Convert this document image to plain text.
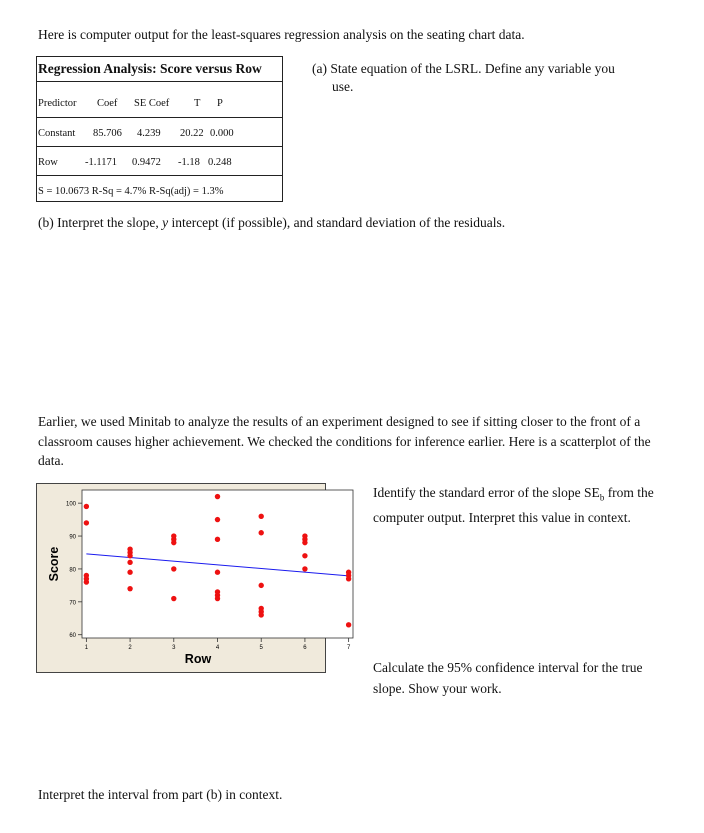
Here is computer output for the least-squares regression analysis on the seating chart data.
Regression Analysis: Score versus Row
Predictor Coef SE Coef T P
Constant 85.706 4.239 20.22 0.000
Row	-1.1171 0.9472 -1.18 0.248
S = 10.0673 R-Sq = 4.7% R-Sq(adj) = 1.3%
(a) State equation of the LSRL. Define any variable you
use.
(b) Interpret the slope, y intercept (if possible), and standard deviation of the residuals.
Earlier, we used Minitab to analyze the results of an experiment designed to see if sitting closer to the front of a classroom causes higher achievement. We checked the conditions for inference earlier. Here is a scatterplot of the data.
60
70
80
90
100
1	2	3	4	5	6	7
Row
Score
Identify the standard error of the slope $SE_b$ from the computer output. Interpret this value in context.
Calculate the 95% confidence interval for the true slope. Show your work.
Interpret the interval from part (b) in context.
